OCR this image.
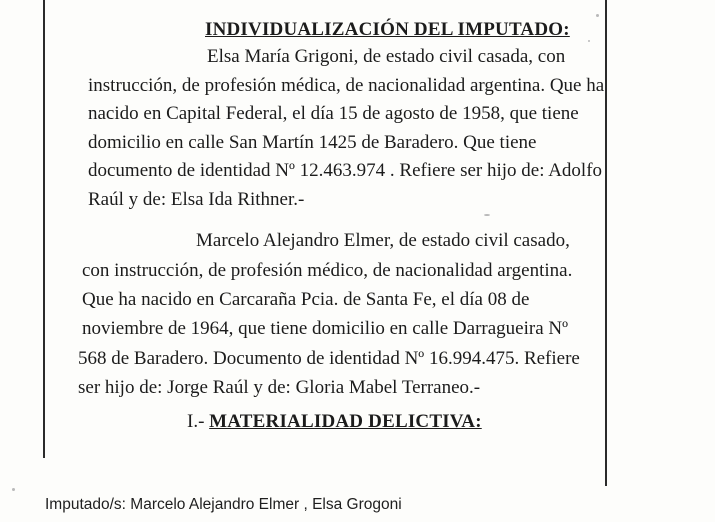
INDIVIDUALIZACIÓN DEL IMPUTADO:
Elsa María Grigoni, de estado civil casada, con
instrucción, de profesión médica, de nacionalidad argentina. Que ha
nacido en Capital Federal, el día 15 de agosto de 1958, que tiene
domicilio en calle San Martín 1425 de Baradero. Que tiene
documento de identidad Nº 12.463.974 . Refiere ser hijo de: Adolfo
Raúl y de: Elsa Ida Rithner.-
Marcelo Alejandro Elmer, de estado civil casado,
con instrucción, de profesión médico, de nacionalidad argentina.
Que ha nacido en Carcaraña Pcia. de Santa Fe, el día 08 de
noviembre de 1964, que tiene domicilio en calle Darragueira Nº
568 de Baradero. Documento de identidad Nº 16.994.475. Refiere
ser hijo de: Jorge Raúl y de: Gloria Mabel Terraneo.-
I.- MATERIALIDAD DELICTIVA:
Imputado/s: Marcelo Alejandro Elmer , Elsa Grogoni
